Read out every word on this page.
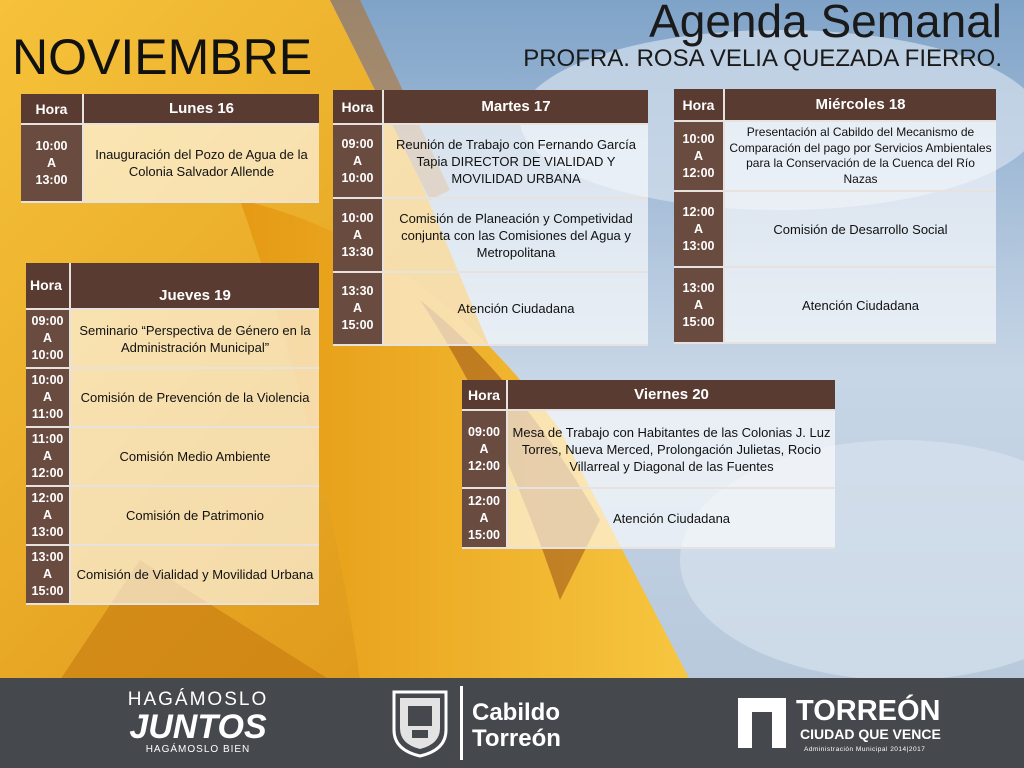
Agenda Semanal
NOVIEMBRE	PROFRA. ROSA VELIA QUEZADA FIERRO.
Hora	Lunes 16
10:00
A
13:00	Inauguración del Pozo de Agua de la Colonia Salvador Allende
Hora	Martes 17
09:00
A
10:00	Reunión de Trabajo con Fernando García Tapia DIRECTOR DE VIALIDAD Y MOVILIDAD URBANA
10:00
A
13:30	Comisión de Planeación y Competividad conjunta con las Comisiones del Agua y Metropolitana
13:30
A
15:00	Atención Ciudadana
Hora	Miércoles 18
10:00
A
12:00	Presentación al Cabildo del Mecanismo de Comparación del pago por Servicios Ambientales para la Conservación de la Cuenca del Río Nazas
12:00
A
13:00	Comisión de Desarrollo Social
13:00
A
15:00	Atención Ciudadana
Hora	Jueves 19
09:00
A
10:00	Seminario “Perspectiva de Género en la Administración Municipal”
10:00
A
11:00	Comisión de Prevención de la Violencia
11:00
A
12:00	Comisión Medio Ambiente
12:00
A
13:00	Comisión de Patrimonio
13:00
A
15:00	Comisión de Vialidad y Movilidad Urbana
Hora	Viernes 20
09:00
A
12:00	Mesa de Trabajo con Habitantes de las Colonias J. Luz Torres, Nueva Merced, Prolongación Julietas, Rocio Villarreal y Diagonal de las Fuentes
12:00
A
15:00	Atención Ciudadana
HAGÁMOSLO
JUNTOS
HAGÁMOSLO BIEN
Cabildo
Torreón
TORREÓN
CIUDAD QUE VENCE
Administración Municipal 2014|2017
